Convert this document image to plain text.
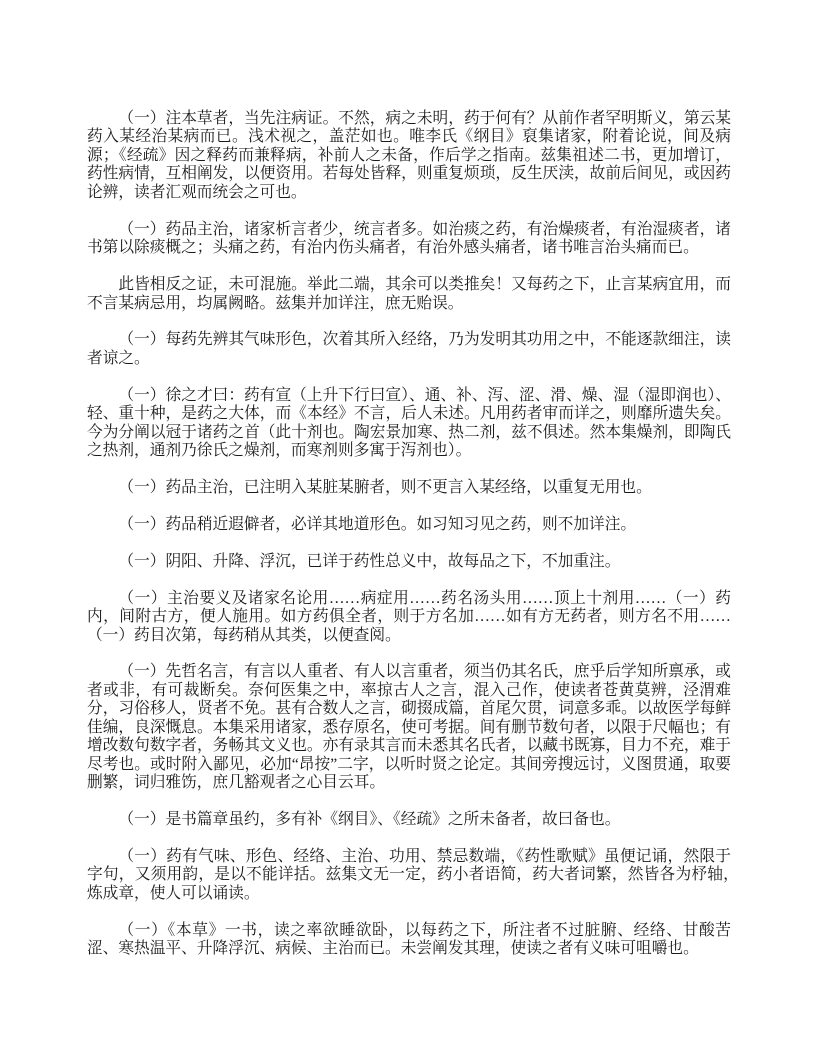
（一）注本草者，当先注病证。不然，病之未明，药于何有？从前作者罕明斯义，第云某药入某经治某病而已。浅术视之，盖茫如也。唯李氏《纲目》裒集诸家，附着论说，间及病源；《经疏》因之释药而兼释病，补前人之未备，作后学之指南。兹集祖述二书，更加增订，药性病情，互相阐发，以便资用。若每处皆释，则重复烦琐，反生厌渎，故前后间见，或因药论辨，读者汇观而统会之可也。

（一）药品主治，诸家析言者少，统言者多。如治痰之药，有治燥痰者，有治湿痰者，诸书第以除痰概之；头痛之药，有治内伤头痛者，有治外感头痛者，诸书唯言治头痛而已。

此皆相反之证，未可混施。举此二端，其余可以类推矣！又每药之下，止言某病宜用，而不言某病忌用，均属阙略。兹集并加详注，庶无贻误。

（一）每药先辨其气味形色，次着其所入经络，乃为发明其功用之中，不能逐款细注，读者谅之。

（一）徐之才曰：药有宣（上升下行曰宣）、通、补、泻、涩、滑、燥、湿（湿即润也）、轻、重十种，是药之大体，而《本经》不言，后人未述。凡用药者审而详之，则靡所遗失矣。今为分阐以冠于诸药之首（此十剂也。陶宏景加寒、热二剂，兹不俱述。然本集燥剂，即陶氏之热剂，通剂乃徐氏之燥剂，而寒剂则多寓于泻剂也）。

（一）药品主治，已注明入某脏某腑者，则不更言入某经络，以重复无用也。

（一）药品稍近遐僻者，必详其地道形色。如习知习见之药，则不加详注。

（一）阴阳、升降、浮沉，已详于药性总义中，故每品之下，不加重注。

（一）主治要义及诸家名论用……病症用……药名汤头用……顶上十剂用……（一）药内，间附古方，便人施用。如方药俱全者，则于方名加……如有方无药者，则方名不用……（一）药目次第，每药稍从其类，以便查阅。

（一）先哲名言，有言以人重者、有人以言重者，须当仍其名氏，庶乎后学知所禀承，或者或非，有可裁断矣。奈何医集之中，率掠古人之言，混入己作，使读者苍黄莫辨，泾渭难分，习俗移人，贤者不免。甚有合数人之言，砌掇成篇，首尾欠贯，词意多乖。以故医学每鲜佳编，良深慨息。本集采用诸家，悉存原名，使可考据。间有删节数句者，以限于尺幅也；有增改数句数字者，务畅其文义也。亦有录其言而未悉其名氏者，以藏书既寡，目力不充，难于尽考也。或时附入鄙见，必加“昂按”二字，以听时贤之论定。其间旁搜远讨，义图贯通，取要删繁，词归雅饬，庶几豁观者之心目云耳。

（一）是书篇章虽约，多有补《纲目》、《经疏》之所未备者，故曰备也。

（一）药有气味、形色、经络、主治、功用、禁忌数端，《药性歌赋》虽便记诵，然限于字句，又须用韵，是以不能详括。兹集文无一定，药小者语简，药大者词繁，然皆各为杼轴，　炼成章，使人可以诵读。

（一）《本草》一书，读之率欲睡欲卧，以每药之下，所注者不过脏腑、经络、甘酸苦涩、寒热温平、升降浮沉、病候、主治而已。未尝阐发其理，使读之者有义味可咀嚼也。
